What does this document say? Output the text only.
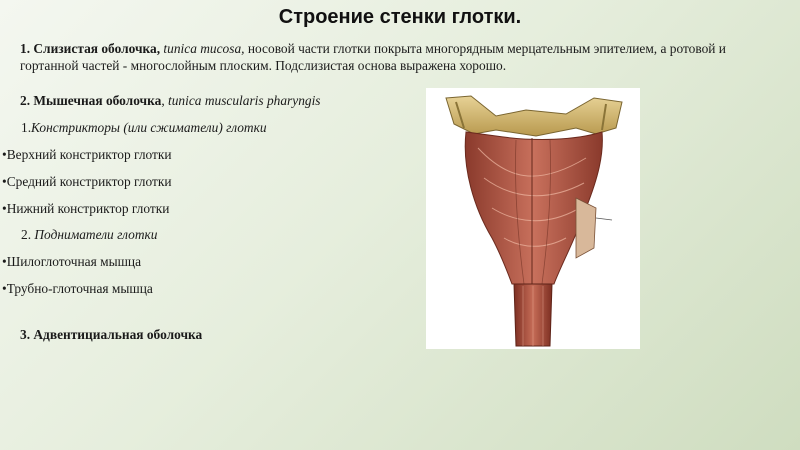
Строение стенки глотки.
1. Слизистая оболочка, tunica mucosa, носовой части глотки покрыта многорядным мерцательным эпителием, а ротовой и гортанной частей - многослойным плоским. Подслизистая основа выражена хорошо.
2. Мышечная оболочка, tunica muscularis pharyngis
1.Констрикторы (или сжиматели) глотки
•Верхний констриктор глотки
•Средний констриктор глотки
•Нижний констриктор глотки
2. Подниматели глотки
•Шилоглоточная мышца
•Трубно-глоточная мышца
3. Адвентициальная оболочка
